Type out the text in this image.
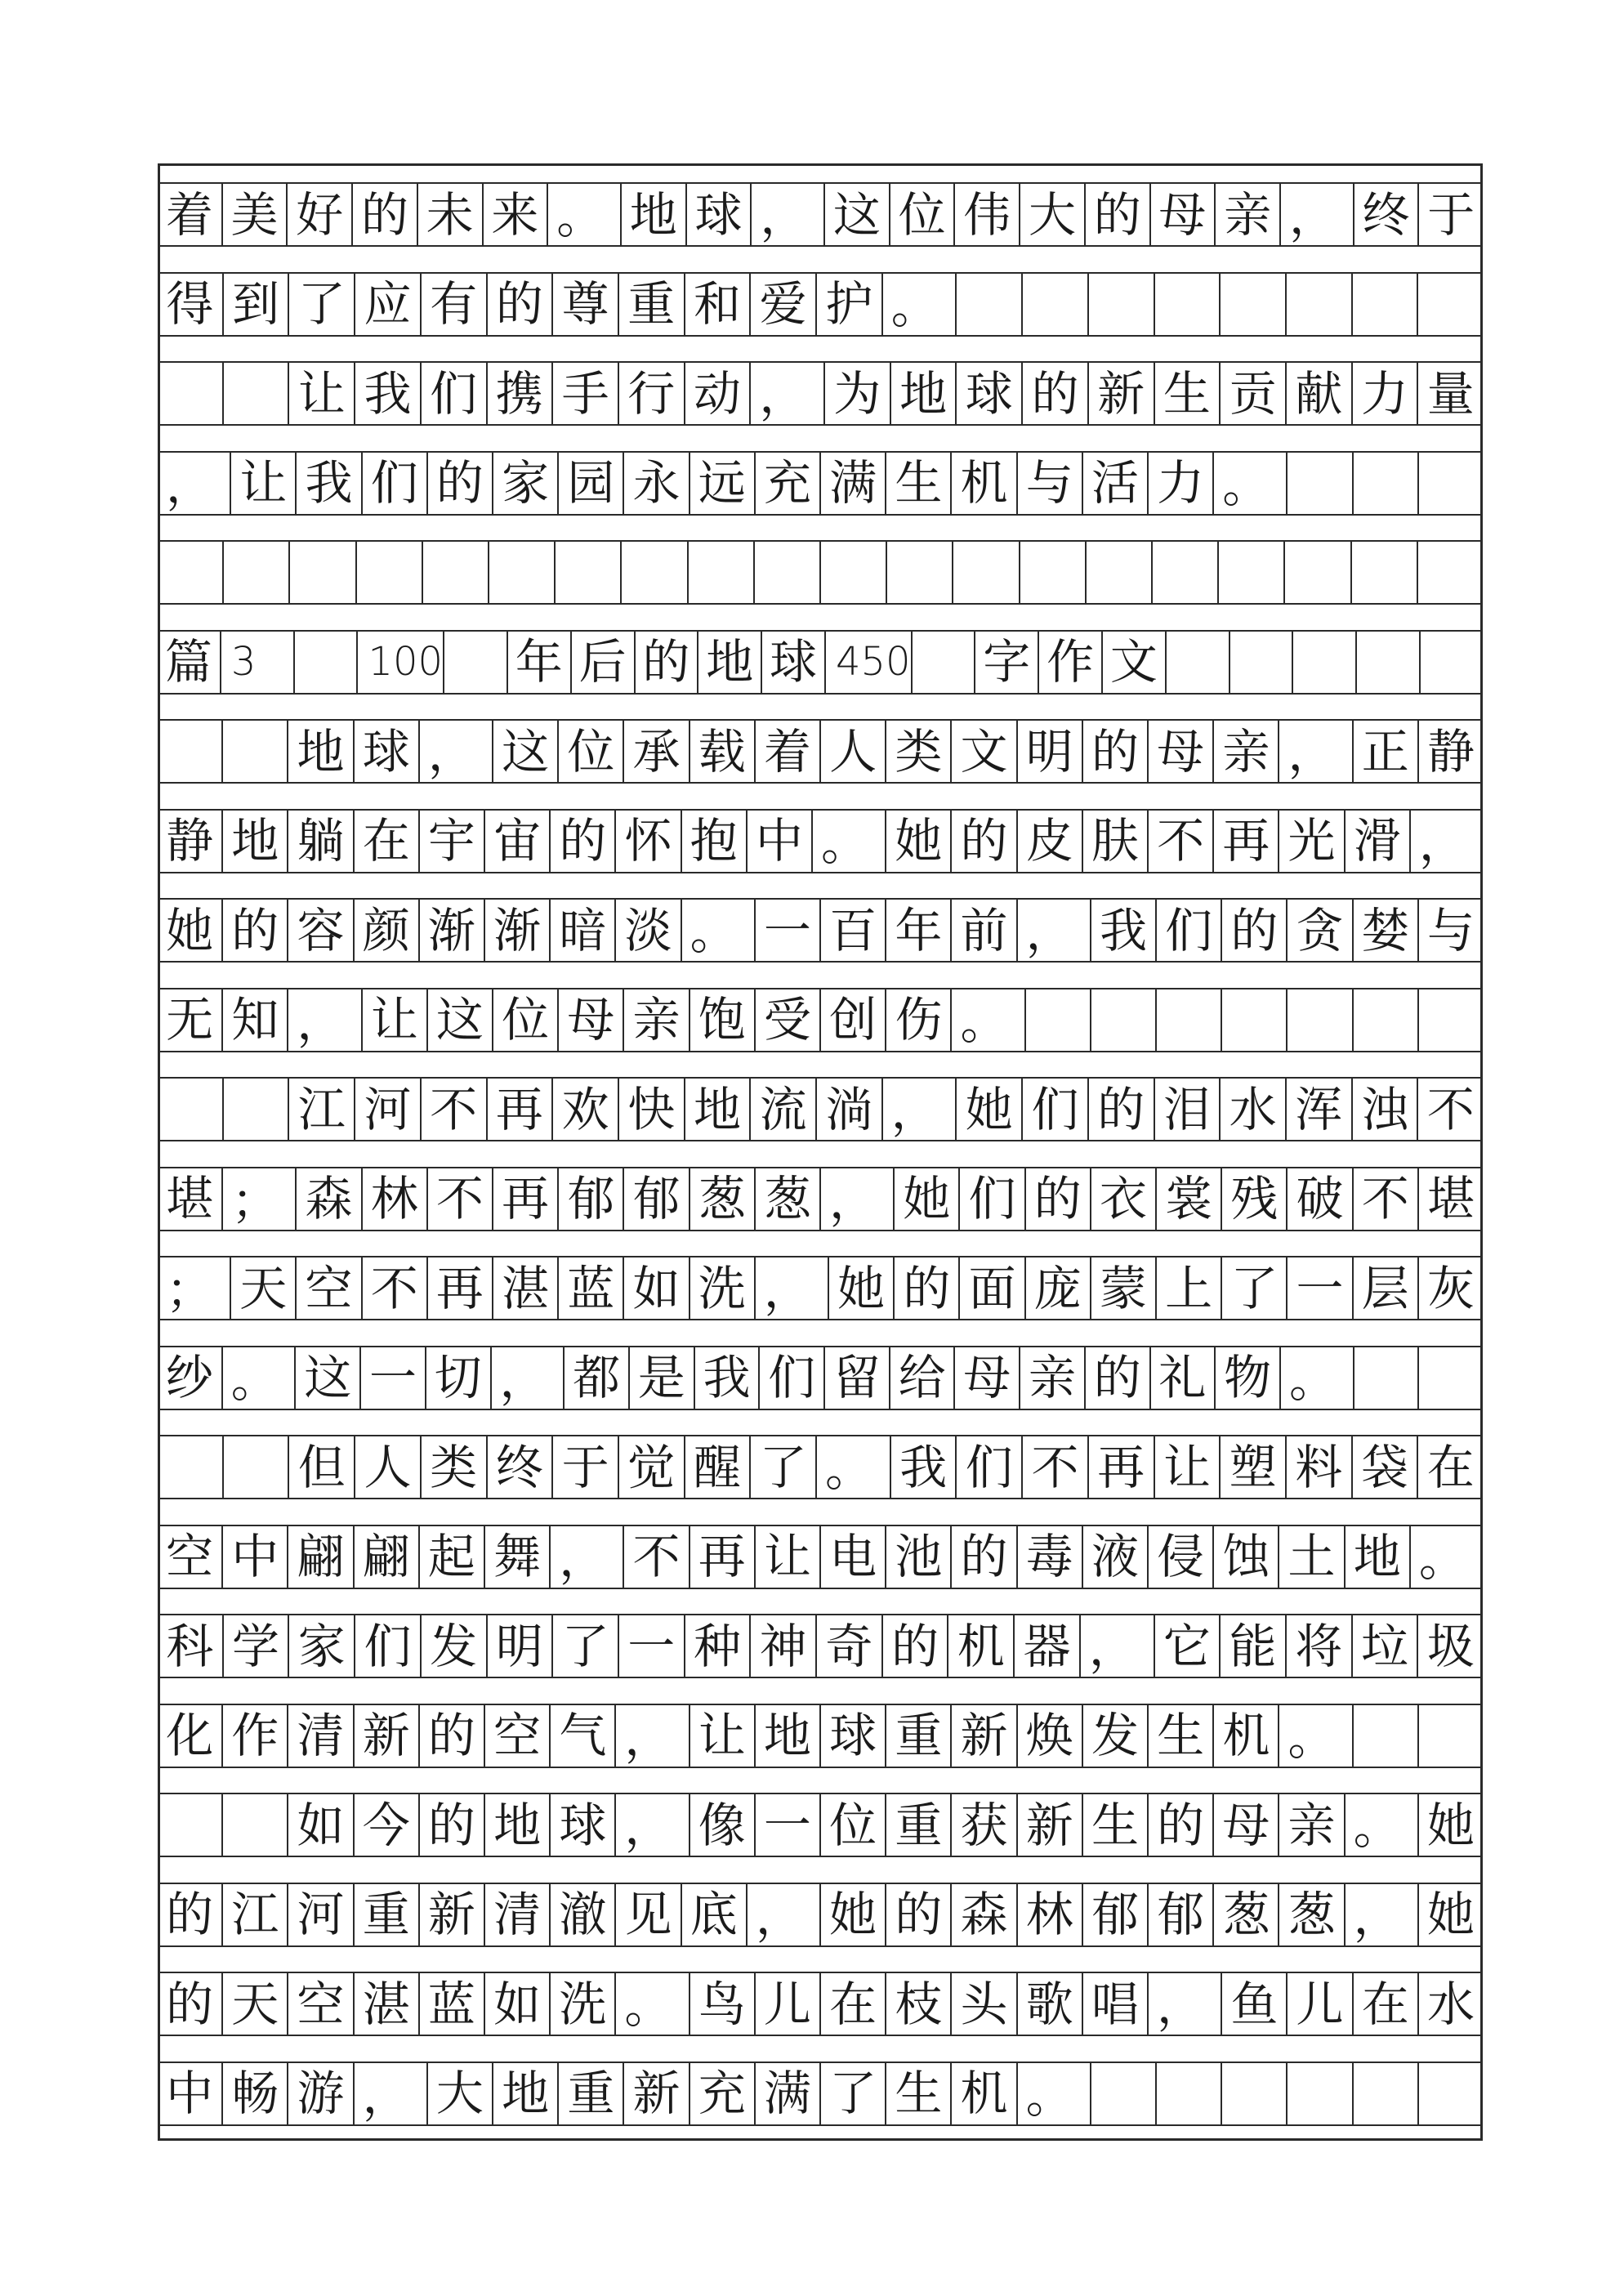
着 美 好 的 未 来 。 地 球 ， 这 位 伟 大 的 母 亲 ， 终 于
得 到 了 应 有 的 尊 重 和 爱 护 。
让 我 们 携 手 行 动 ， 为 地 球 的 新 生 贡 献 力 量
， 让 我 们 的 家 园 永 远 充 满 生 机 与 活 力 。
篇 3	100 年 后 的 地 球 450 字 作 文
地 球 ， 这 位 承 载 着 人 类 文 明 的 母 亲 ， 正 静
静 地 躺 在 宇 宙 的 怀 抱 中 。 她 的 皮 肤 不 再 光 滑 ，
她 的 容 颜 渐 渐 暗 淡 。 一 百 年 前 ， 我 们 的 贪 婪 与
无 知 ， 让 这 位 母 亲 饱 受 创 伤 。
江 河 不 再 欢 快 地 流 淌 ， 她 们 的 泪 水 浑 浊 不
堪 ； 森 林 不 再 郁 郁 葱 葱 ， 她 们 的 衣 裳 残 破 不 堪
； 天 空 不 再 湛 蓝 如 洗 ， 她 的 面 庞 蒙 上 了 一 层 灰
纱 。 这 一 切 ， 都 是 我 们 留 给 母 亲 的 礼 物 。
但 人 类 终 于 觉 醒 了 。 我 们 不 再 让 塑 料 袋 在
空 中 翩 翩 起 舞 ， 不 再 让 电 池 的 毒 液 侵 蚀 土 地 。
科 学 家 们 发 明 了 一 种 神 奇 的 机 器 ， 它 能 将 垃 圾
化 作 清 新 的 空 气 ， 让 地 球 重 新 焕 发 生 机 。
如 今 的 地 球 ， 像 一 位 重 获 新 生 的 母 亲 。 她
的 江 河 重 新 清 澈 见 底 ， 她 的 森 林 郁 郁 葱 葱 ， 她
的 天 空 湛 蓝 如 洗 。 鸟 儿 在 枝 头 歌 唱 ， 鱼 儿 在 水
中 畅 游 ， 大 地 重 新 充 满 了 生 机 。
